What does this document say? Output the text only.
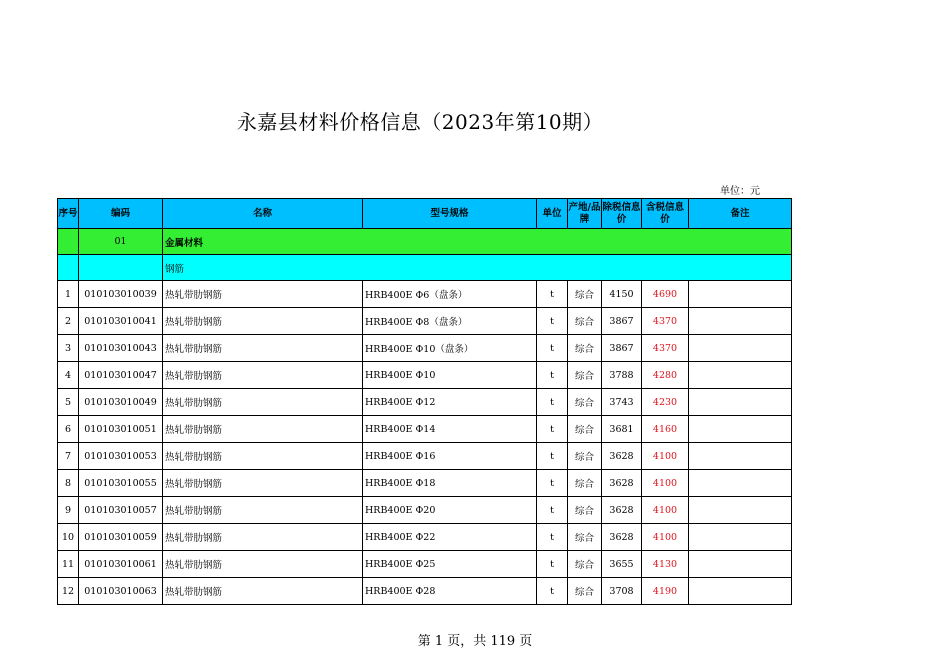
永嘉县材料价格信息（2023年第10期）
单位：元
序号	编码	名称	型号规格	单位	产地/品牌	除税信息价	含税信息价	备注
	01	金属材料						
		钢筋						
1	010103010039	热轧带肋钢筋	HRB400E Φ6（盘条）	t	综合	4150	4690	
2	010103010041	热轧带肋钢筋	HRB400E Φ8（盘条）	t	综合	3867	4370	
3	010103010043	热轧带肋钢筋	HRB400E Φ10（盘条）	t	综合	3867	4370	
4	010103010047	热轧带肋钢筋	HRB400E Φ10	t	综合	3788	4280	
5	010103010049	热轧带肋钢筋	HRB400E Φ12	t	综合	3743	4230	
6	010103010051	热轧带肋钢筋	HRB400E Φ14	t	综合	3681	4160	
7	010103010053	热轧带肋钢筋	HRB400E Φ16	t	综合	3628	4100	
8	010103010055	热轧带肋钢筋	HRB400E Φ18	t	综合	3628	4100	
9	010103010057	热轧带肋钢筋	HRB400E Φ20	t	综合	3628	4100	
10	010103010059	热轧带肋钢筋	HRB400E Φ22	t	综合	3628	4100	
11	010103010061	热轧带肋钢筋	HRB400E Φ25	t	综合	3655	4130	
12	010103010063	热轧带肋钢筋	HRB400E Φ28	t	综合	3708	4190	
第 1 页，共 119 页
